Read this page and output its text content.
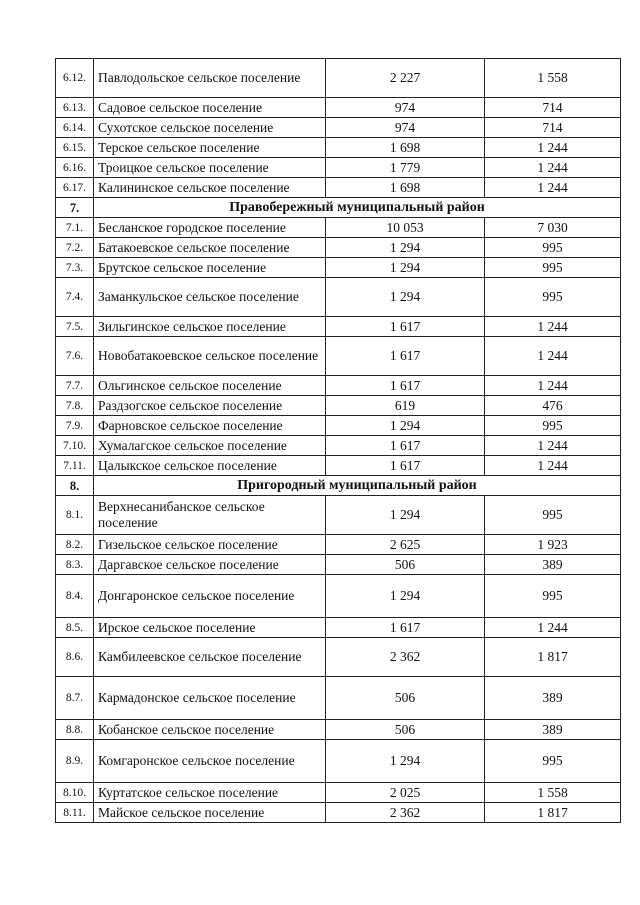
6.12.	Павлодольское сельское поселение	2 227	1 558
6.13.	Садовое сельское поселение	974	714
6.14.	Сухотское сельское поселение	974	714
6.15.	Терское сельское поселение	1 698	1 244
6.16.	Троицкое сельское поселение	1 779	1 244
6.17.	Калининское сельское поселение	1 698	1 244
7.	Правобережный муниципальный район		
7.1.	Бесланское городское поселение	10 053	7 030
7.2.	Батакоевское сельское поселение	1 294	995
7.3.	Брутское сельское поселение	1 294	995
7.4.	Заманкульское сельское поселение	1 294	995
7.5.	Зильгинское сельское поселение	1 617	1 244
7.6.	Новобатакоевское сельское поселение	1 617	1 244
7.7.	Ольгинское сельское поселение	1 617	1 244
7.8.	Раздзогское сельское поселение	619	476
7.9.	Фарновское сельское поселение	1 294	995
7.10.	Хумалагское сельское поселение	1 617	1 244
7.11.	Цалыкское сельское поселение	1 617	1 244
8.	Пригородный муниципальный район		
8.1.	Верхнесанибанское сельское поселение	1 294	995
8.2.	Гизельское сельское поселение	2 625	1 923
8.3.	Даргавское сельское поселение	506	389
8.4.	Донгаронское сельское поселение	1 294	995
8.5.	Ирское сельское поселение	1 617	1 244
8.6.	Камбилеевское сельское поселение	2 362	1 817
8.7.	Кармадонское сельское поселение	506	389
8.8.	Кобанское сельское поселение	506	389
8.9.	Комгаронское сельское поселение	1 294	995
8.10.	Куртатское сельское поселение	2 025	1 558
8.11.	Майское сельское поселение	2 362	1 817
